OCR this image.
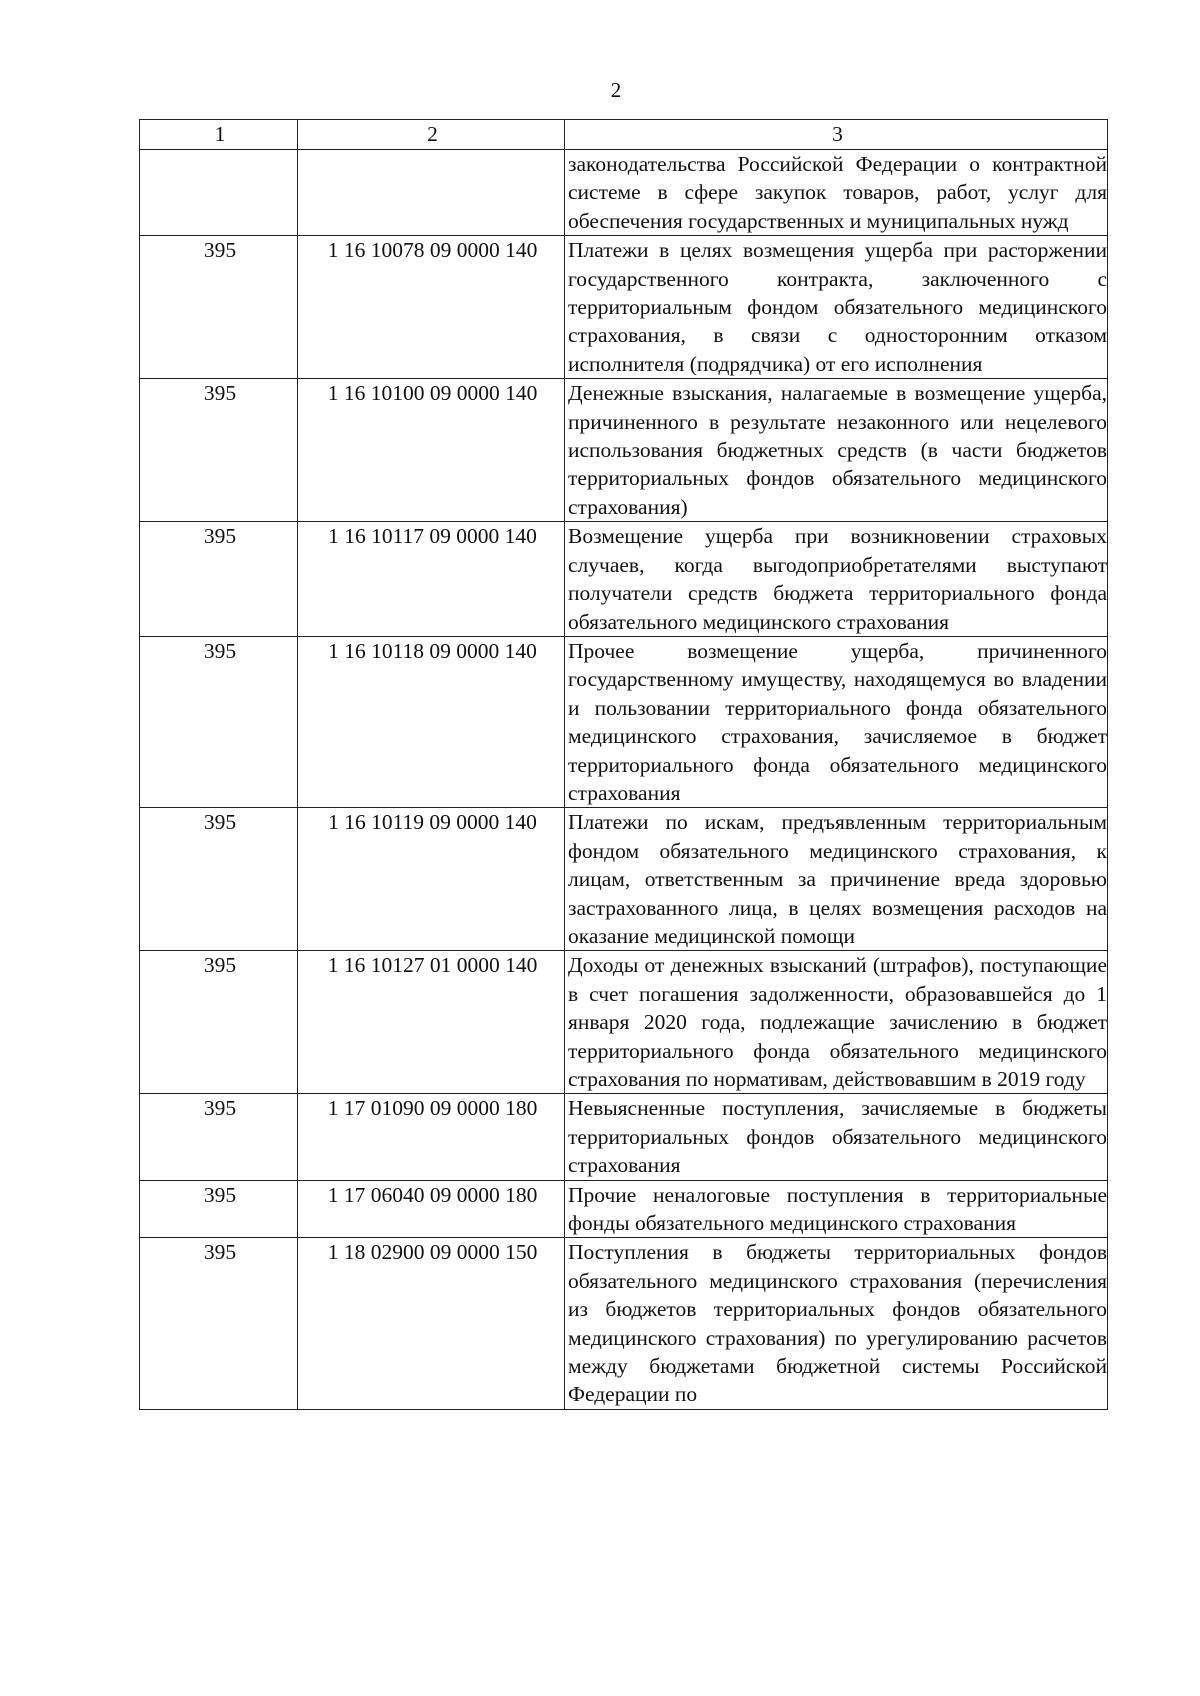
2
1	2	3
		законодательства Российской Федерации о контрактной системе в сфере закупок товаров, работ, услуг для обеспечения государственных и муниципальных нужд
395	1 16 10078 09 0000 140	Платежи в целях возмещения ущерба при расторжении государственного контракта, заключенного с территориальным фондом обязательного медицинского страхования, в связи с односторонним отказом исполнителя (подрядчика) от его исполнения
395	1 16 10100 09 0000 140	Денежные взыскания, налагаемые в возмещение ущерба, причиненного в результате незаконного или нецелевого использования бюджетных средств (в части бюджетов территориальных фондов обязательного медицинского страхования)
395	1 16 10117 09 0000 140	Возмещение ущерба при возникновении страховых случаев, когда выгодоприобретателями выступают получатели средств бюджета территориального фонда обязательного медицинского страхования
395	1 16 10118 09 0000 140	Прочее возмещение ущерба, причиненного государственному имуществу, находящемуся во владении и пользовании территориального фонда обязательного медицинского страхования, зачисляемое в бюджет территориального фонда обязательного медицинского страхования
395	1 16 10119 09 0000 140	Платежи по искам, предъявленным территориальным фондом обязательного медицинского страхования, к лицам, ответственным за причинение вреда здоровью застрахованного лица, в целях возмещения расходов на оказание медицинской помощи
395	1 16 10127 01 0000 140	Доходы от денежных взысканий (штрафов), поступающие в счет погашения задолженности, образовавшейся до 1 января 2020 года, подлежащие зачислению в бюджет территориального фонда обязательного медицинского страхования по нормативам, действовавшим в 2019 году
395	1 17 01090 09 0000 180	Невыясненные поступления, зачисляемые в бюджеты территориальных фондов обязательного медицинского страхования
395	1 17 06040 09 0000 180	Прочие неналоговые поступления в территориальные фонды обязательного медицинского страхования
395	1 18 02900 09 0000 150	Поступления в бюджеты территориальных фондов обязательного медицинского страхования (перечисления из бюджетов территориальных фондов обязательного медицинского страхования) по урегулированию расчетов между бюджетами бюджетной системы Российской Федерации по
